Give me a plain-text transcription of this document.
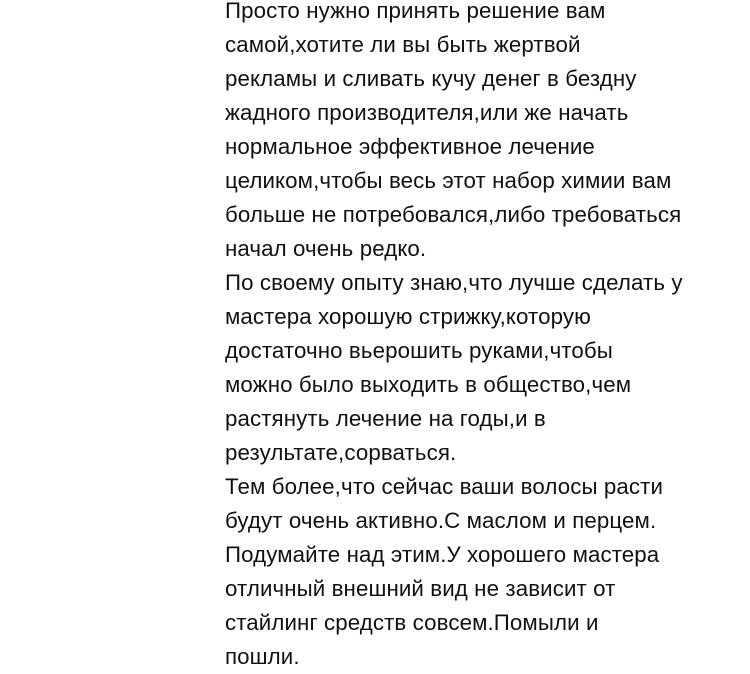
Просто нужно принять решение вам
самой,хотите ли вы быть жертвой
рекламы и сливать кучу денег в бездну
жадного производителя,или же начать
нормальное эффективное лечение
целиком,чтобы весь этот набор химии вам
больше не потребовался,либо требоваться
начал очень редко.
По своему опыту знаю,что лучше сделать у
мастера хорошую стрижку,которую
достаточно вьерошить руками,чтобы
можно было выходить в общество,чем
растянуть лечение на годы,и в
результате,сорваться.
Тем более,что сейчас ваши волосы расти
будут очень активно.С маслом и перцем.
Подумайте над этим.У хорошего мастера
отличный внешний вид не зависит от
стайлинг средств совсем.Помыли и
пошли.
